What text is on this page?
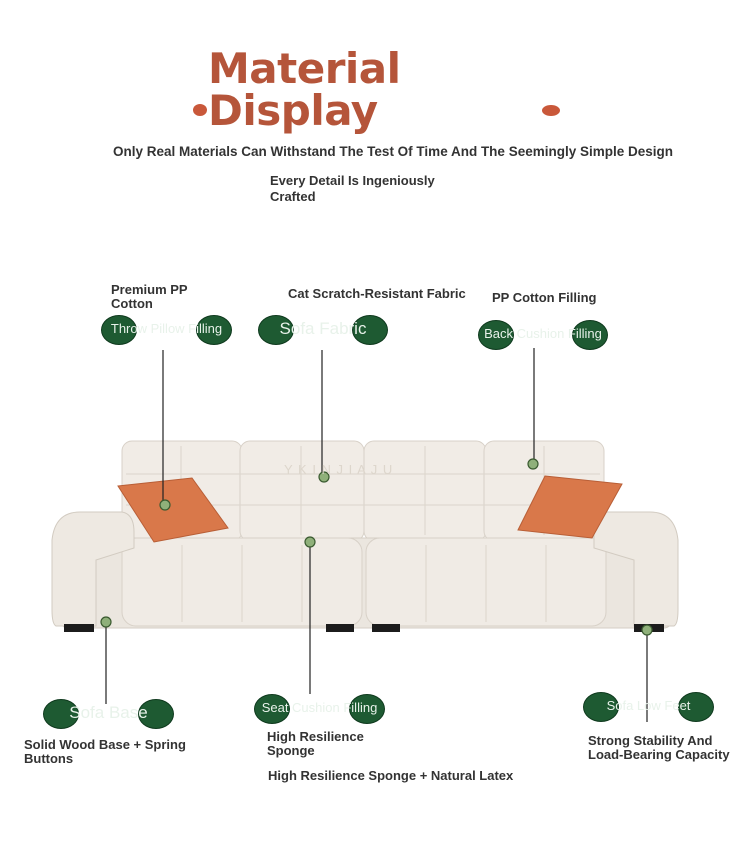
Material
Display
Only Real Materials Can Withstand The Test Of Time And The Seemingly Simple Design
Every Detail Is Ingeniously Crafted
Y K I N J I A J U
Premium PP Cotton
Throw Pillow Filling
Cat Scratch-Resistant Fabric
Sofa Fabric
PP Cotton Filling
Back Cushion Filling
Sofa Base
Solid Wood Base + Spring Buttons
Seat Cushion Filling
High Resilience Sponge
High Resilience Sponge + Natural Latex
Sofa Low Feet
Strong Stability And Load-Bearing Capacity
